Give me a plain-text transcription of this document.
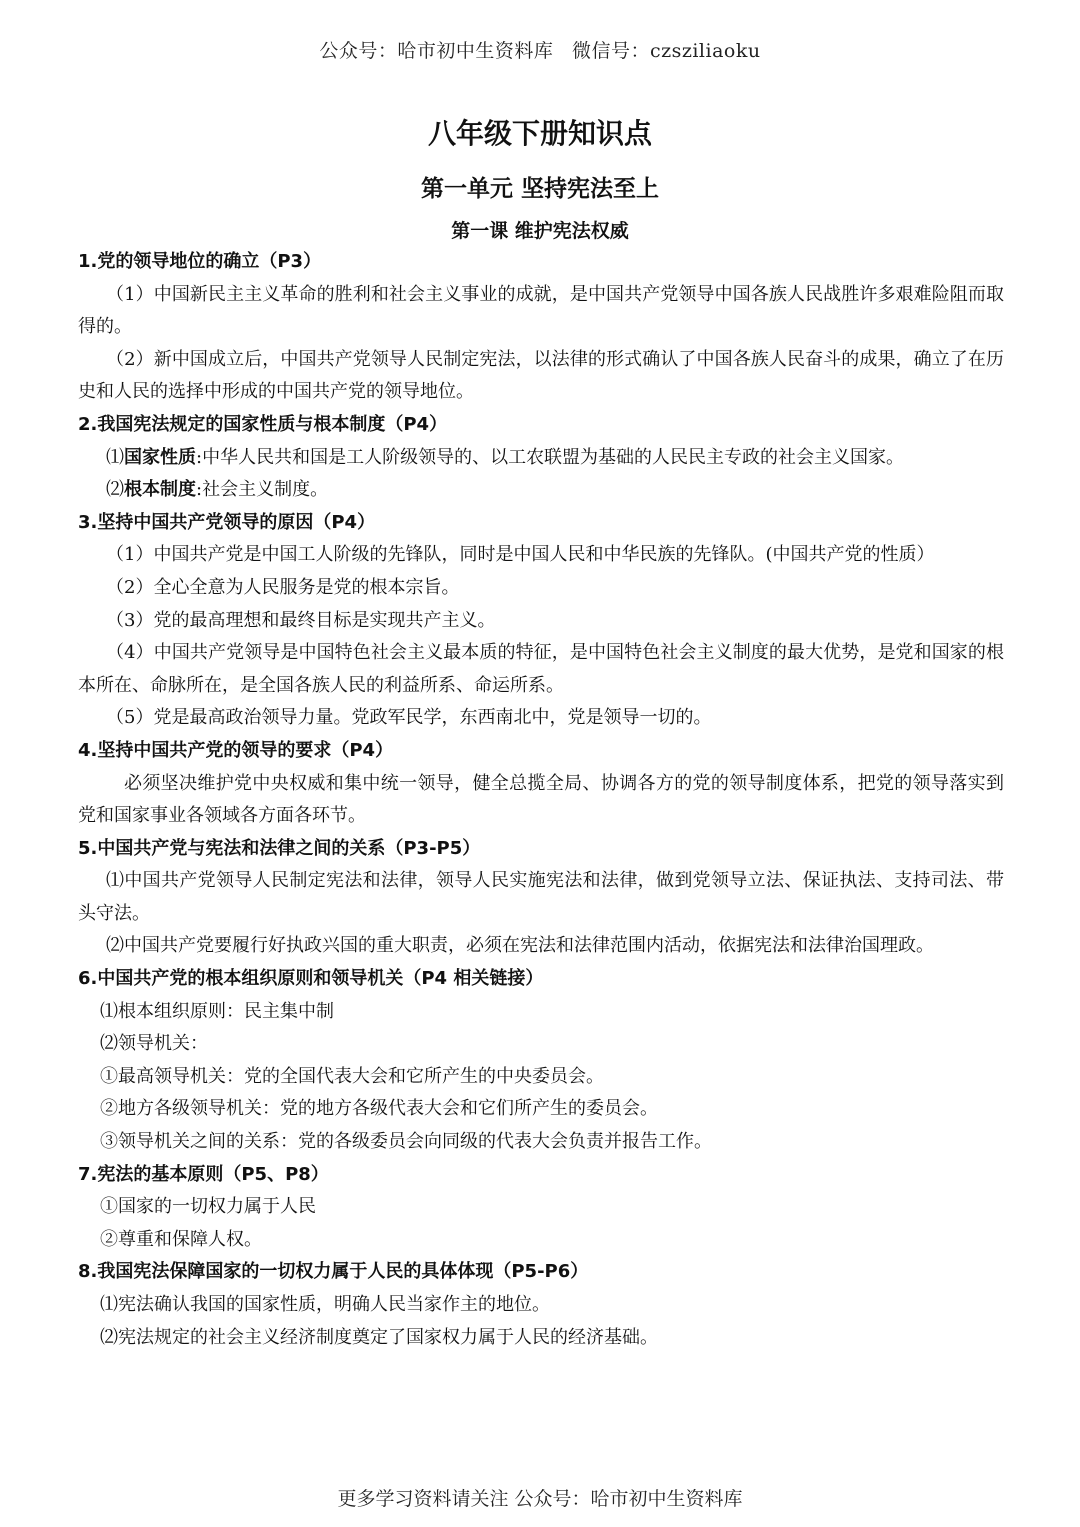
公众号：哈市初中生资料库 微信号：czsziliaoku
八年级下册知识点
第一单元 坚持宪法至上
第一课 维护宪法权威
1.党的领导地位的确立（P3）
（1）中国新民主主义革命的胜利和社会主义事业的成就，是中国共产党领导中国各族人民战胜许多艰难险阻而取得的。
（2）新中国成立后，中国共产党领导人民制定宪法，以法律的形式确认了中国各族人民奋斗的成果，确立了在历史和人民的选择中形成的中国共产党的领导地位。
2.我国宪法规定的国家性质与根本制度（P4）
⑴国家性质:中华人民共和国是工人阶级领导的、以工农联盟为基础的人民民主专政的社会主义国家。
⑵根本制度:社会主义制度。
3.坚持中国共产党领导的原因（P4）
（1）中国共产党是中国工人阶级的先锋队，同时是中国人民和中华民族的先锋队。(中国共产党的性质）
（2）全心全意为人民服务是党的根本宗旨。
（3）党的最高理想和最终目标是实现共产主义。
（4）中国共产党领导是中国特色社会主义最本质的特征，是中国特色社会主义制度的最大优势，是党和国家的根本所在、命脉所在，是全国各族人民的利益所系、命运所系。
（5）党是最高政治领导力量。党政军民学，东西南北中，党是领导一切的。
4.坚持中国共产党的领导的要求（P4）
必须坚决维护党中央权威和集中统一领导，健全总揽全局、协调各方的党的领导制度体系，把党的领导落实到党和国家事业各领域各方面各环节。
5.中国共产党与宪法和法律之间的关系（P3-P5）
⑴中国共产党领导人民制定宪法和法律，领导人民实施宪法和法律，做到党领导立法、保证执法、支持司法、带头守法。
⑵中国共产党要履行好执政兴国的重大职责，必须在宪法和法律范围内活动，依据宪法和法律治国理政。
6.中国共产党的根本组织原则和领导机关（P4 相关链接）
⑴根本组织原则：民主集中制
⑵领导机关：
①最高领导机关：党的全国代表大会和它所产生的中央委员会。
②地方各级领导机关：党的地方各级代表大会和它们所产生的委员会。
③领导机关之间的关系：党的各级委员会向同级的代表大会负责并报告工作。
7.宪法的基本原则（P5、P8）
①国家的一切权力属于人民
②尊重和保障人权。
8.我国宪法保障国家的一切权力属于人民的具体体现（P5-P6）
⑴宪法确认我国的国家性质，明确人民当家作主的地位。
⑵宪法规定的社会主义经济制度奠定了国家权力属于人民的经济基础。
更多学习资料请关注 公众号：哈市初中生资料库
